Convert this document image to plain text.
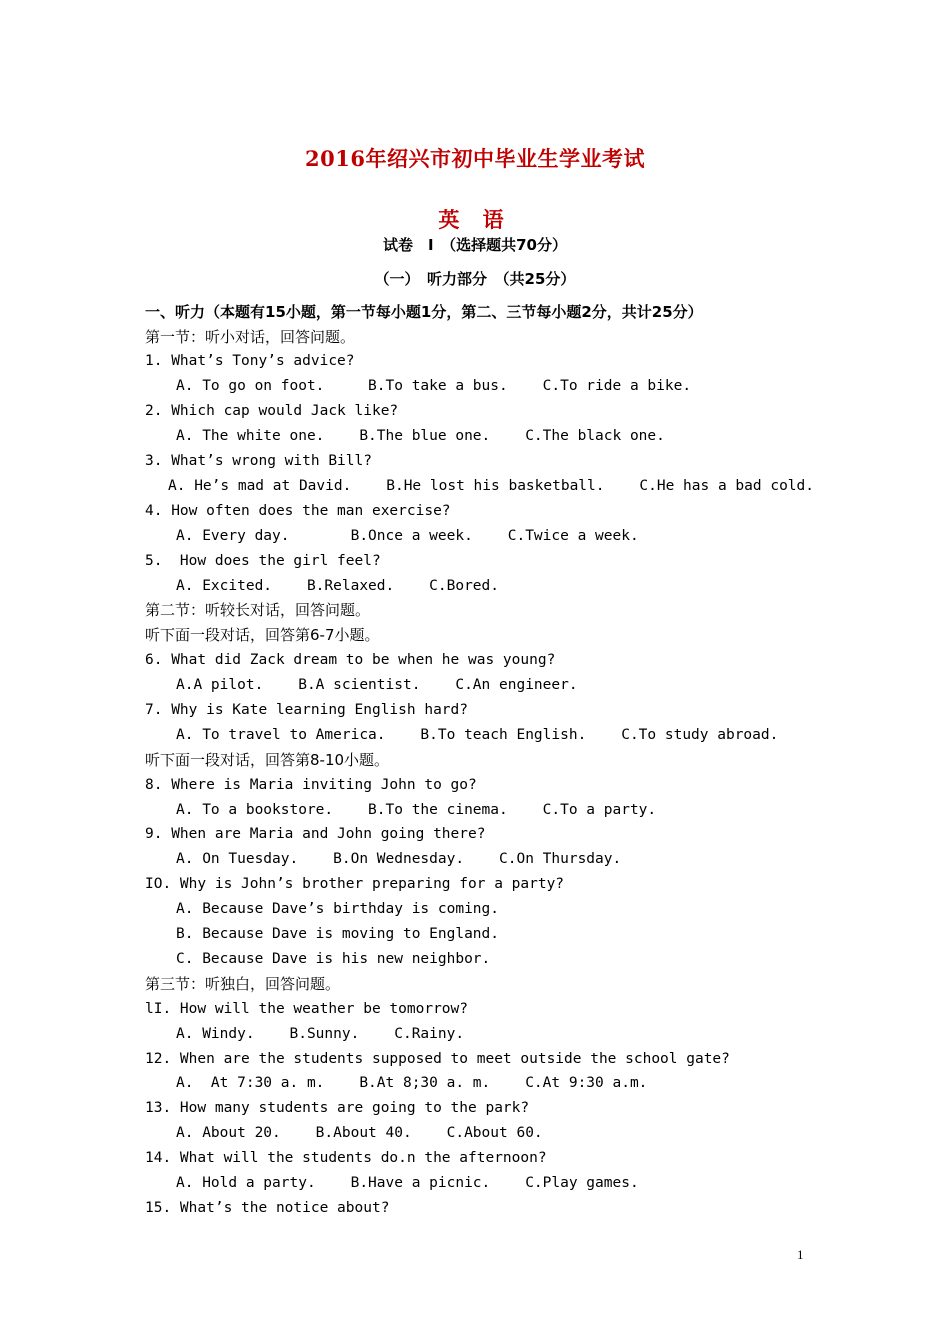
2016年绍兴市初中毕业生学业考试
英 语
试卷　Ⅰ　（选择题共70分）
（一）　听力部分　（共25分）
一、听力（本题有15小题，第一节每小题1分，第二、三节每小题2分，共计25分）
第一节：听小对话，回答问题。
1. What’s Tony’s advice?
A. To go on foot.     B.To take a bus.    C.To ride a bike.
2. Which cap would Jack like?
A. The white one.    B.The blue one.    C.The black one.
3. What’s wrong with Bill?
A. He’s mad at David.    B.He lost his basketball.    C.He has a bad cold.
4. How often does the man exercise?
A. Every day.       B.Once a week.    C.Twice a week.
5.  How does the girl feel?
A. Excited.    B.Relaxed.    C.Bored.
第二节：听较长对话，回答问题。
听下面一段对话，回答第6-7小题。
6. What did Zack dream to be when he was young?
A.A pilot.    B.A scientist.    C.An engineer.
7. Why is Kate learning English hard?
A. To travel to America.    B.To teach English.    C.To study abroad.
听下面一段对话，回答第8-10小题。
8. Where is Maria inviting John to go?
A. To a bookstore.    B.To the cinema.    C.To a party.
9. When are Maria and John going there?
A. On Tuesday.    B.On Wednesday.    C.On Thursday.
IO. Why is John’s brother preparing for a party?
A. Because Dave’s birthday is coming.
B. Because Dave is moving to England.
C. Because Dave is his new neighbor.
第三节：听独白，回答问题。
lI. How will the weather be tomorrow?
A. Windy.    B.Sunny.    C.Rainy.
12. When are the students supposed to meet outside the school gate?
A.  At 7:30 a. m.    B.At 8;30 a. m.    C.At 9:30 a.m.
13. How many students are going to the park?
A. About 20.    B.About 40.    C.About 60.
14. What will the students do.n the afternoon?
A. Hold a party.    B.Have a picnic.    C.Play games.
15. What’s the notice about?
1
